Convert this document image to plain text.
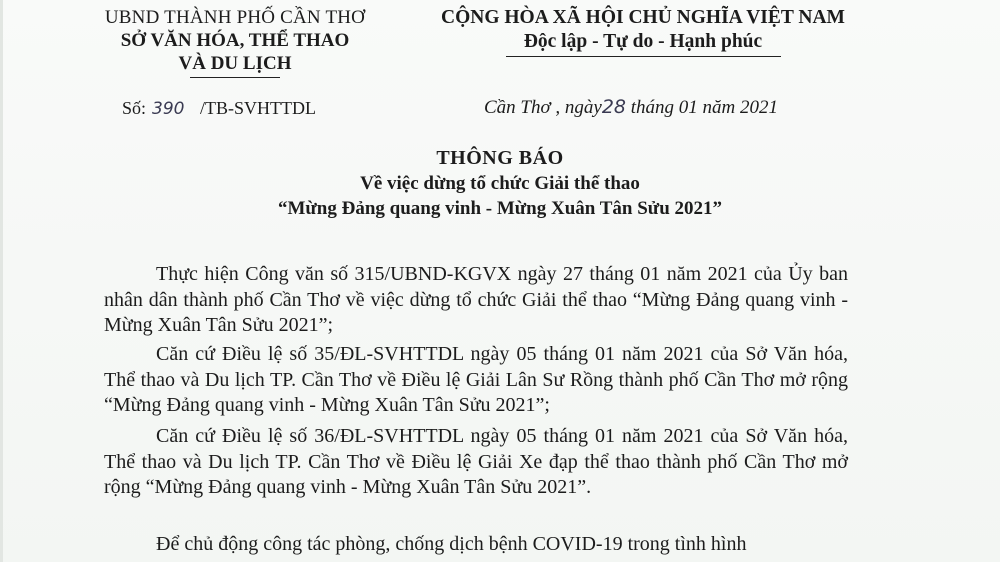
UBND THÀNH PHỐ CẦN THƠ
SỞ VĂN HÓA, THỂ THAO
VÀ DU LỊCH
CỘNG HÒA XÃ HỘI CHỦ NGHĨA VIỆT NAM
Độc lập - Tự do - Hạnh phúc
Số: 390 /TB-SVHTTDL	Cần Thơ , ngày28 tháng 01 năm 2021
THÔNG BÁO
Về việc dừng tổ chức Giải thể thao
“Mừng Đảng quang vinh - Mừng Xuân Tân Sửu 2021”

Thực hiện Công văn số 315/UBND-KGVX ngày 27 tháng 01 năm 2021 của Ủy ban nhân dân thành phố Cần Thơ về việc dừng tổ chức Giải thể thao “Mừng Đảng quang vinh - Mừng Xuân Tân Sửu 2021”;

Căn cứ Điều lệ số 35/ĐL-SVHTTDL ngày 05 tháng 01 năm 2021 của Sở Văn hóa, Thể thao và Du lịch TP. Cần Thơ về Điều lệ Giải Lân Sư Rồng thành phố Cần Thơ mở rộng “Mừng Đảng quang vinh - Mừng Xuân Tân Sửu 2021”;

Căn cứ Điều lệ số 36/ĐL-SVHTTDL ngày 05 tháng 01 năm 2021 của Sở Văn hóa, Thể thao và Du lịch TP. Cần Thơ về Điều lệ Giải Xe đạp thể thao thành phố Cần Thơ mở rộng “Mừng Đảng quang vinh - Mừng Xuân Tân Sửu 2021”.

Để chủ động công tác phòng, chống dịch bệnh COVID-19 trong tình hình
